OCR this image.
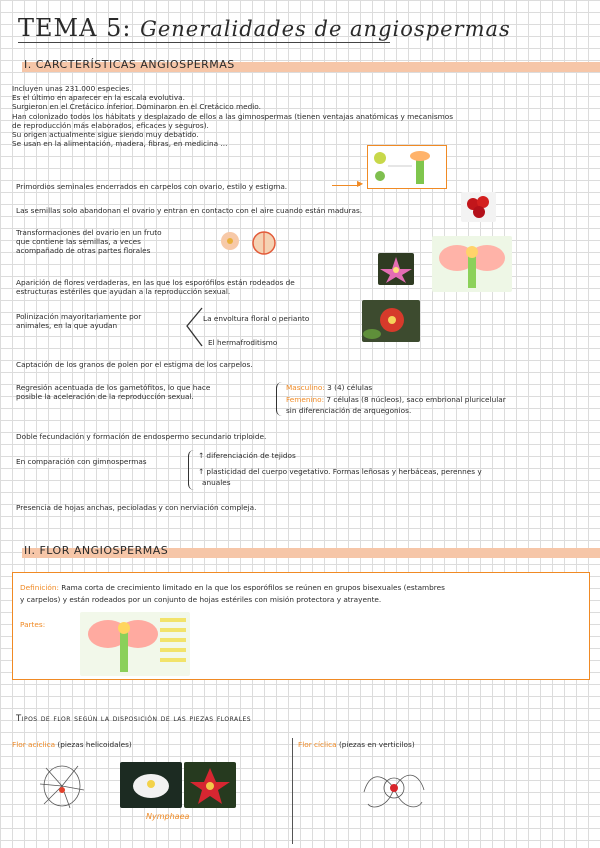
TEMA 5: Generalidades de angiospermas
I. CARCTERÍSTICAS ANGIOSPERMAS
Incluyen unas 231.000 especies.
Es el último en aparecer en la escala evolutiva.
Surgieron en el Cretácico inferior. Dominaron en el Cretácico medio.
Han colonizado todos los hábitats y desplazado de ellos a las gimnospermas (tienen ventajas anatómicas y mecanismos
de reproducción más elaborados, eficaces y seguros).
Su origen actualmente sigue siendo muy debatido.
Se usan en la alimentación, madera, fibras, en medicina ...
Primordios seminales encerrados en carpelos con ovario, estilo y estigma.	▶
Las semillas solo abandonan el ovario y entran en contacto con el aire cuando están maduras.
Transformaciones del ovario en un fruto
que contiene las semillas, a veces
acompañado de otras partes florales
Aparición de flores verdaderas, en las que los esporófilos están rodeados de
estructuras estériles que ayudan a la reproducción sexual.
Polinización mayoritariamente por
animales, en la que ayudan
La envoltura floral o perianto
El hermafroditismo
Captación de los granos de polen por el estigma de los carpelos.
Regresión acentuada de los gametófitos, lo que hace
posible la aceleración de la reproducción sexual.
Masculino: 3 (4) células
Femenino: 7 células (8 núcleos), saco embrional pluricelular
sin diferenciación de arquegonios.
Doble fecundación y formación de endospermo secundario triploide.
En comparación con gimnospermas
↑ diferenciación de tejidos
↑ plasticidad del cuerpo vegetativo. Formas leñosas y herbáceas, perennes y
anuales
Presencia de hojas anchas, pecioladas y con nerviación compleja.
II. FLOR ANGIOSPERMAS
Definición: Rama corta de crecimiento limitado en la que los esporófilos se reúnen en grupos bisexuales (estambres
y carpelos) y están rodeados por un conjunto de hojas estériles con misión protectora y atrayente.
Partes:
Tipos de flor según la disposición de las piezas florales
Flor acíclica (piezas helicoidales)
Nymphaea
Flor cíclica (piezas en verticilos)
